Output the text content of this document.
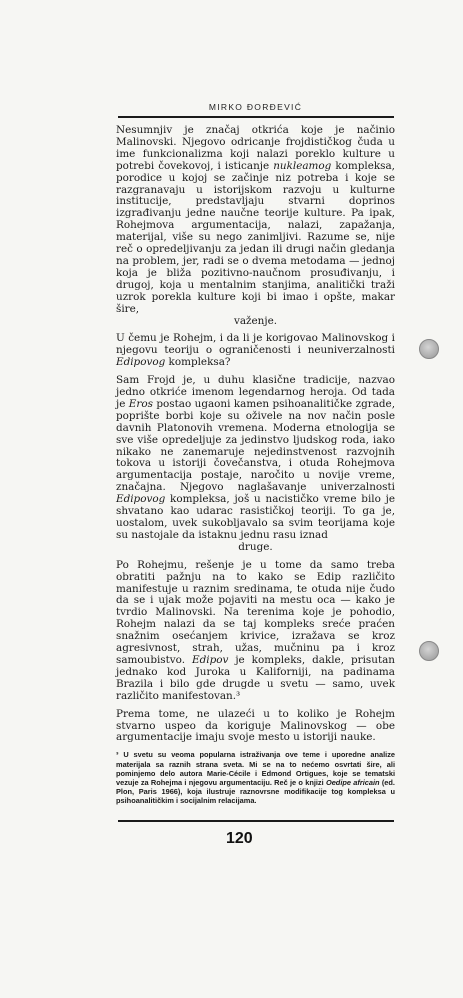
MIRKO ĐORĐEVIĆ

Nesumnjiv je značaj otkrića koje je načinio Malinovski. Njegovo odricanje frojdističkog čuda u ime funkcionalizma koji nalazi poreklo kulture u potrebi čovekovoj, i isticanje nukleamog kompleksa, porodice u kojoj se začinje niz potreba i koje se razgranavaju u istorijskom razvoju u kulturne institucije, predstavljaju stvarni doprinos izgrađivanju jedne naučne teorije kulture. Pa ipak, Rohejmova argumentacija, nalazi, zapažanja, materijal, više su nego zanimljivi. Razume se, nije reč o opredeljivanju za jedan ili drugi način gledanja na problem, jer, radi se o dvema metodama — jednoj koja je bliža pozitivno-naučnom prosuđivanju, i drugoj, koja u mentalnim stanjima, analitički traži uzrok porekla kulture koji bi imao i opšte, makar šire,
važenje.

U čemu je Rohejm, i da li je korigovao Malinovskog i njegovu teoriju o ograničenosti i neuniverzalnosti Edipovog kompleksa?

Sam Frojd je, u duhu klasične tradicije, nazvao jedno otkriće imenom legendarnog heroja. Od tada je Eros postao ugaoni kamen psihoanalitičke zgrade, poprište borbi koje su oživele na nov način posle davnih Platonovih vremena. Moderna etnologija se sve više opredeljuje za jedinstvo ljudskog roda, iako nikako ne zanemaruje nejedinstvenost razvojnih tokova u istoriji čovečanstva, i otuda Rohejmova argumentacija postaje, naročito u novije vreme, značajna. Njegovo naglašavanje univerzalnosti Edipovog kompleksa, još u nacističko vreme bilo je shvatano kao udarac rasističkoj teoriji. To ga je, uostalom, uvek sukobljavalo sa svim teorijama koje su nastojale da istaknu jednu rasu iznad
druge.

Po Rohejmu, rešenje je u tome da samo treba obratiti pažnju na to kako se Edip različito manifestuje u raznim sredinama, te otuda nije čudo da se i ujak može pojaviti na mestu oca — kako je tvrdio Malinovski. Na terenima koje je pohodio, Rohejm nalazi da se taj kompleks sreće praćen snažnim osećanjem krivice, izražava se kroz agresivnost, strah, užas, mučninu pa i kroz samoubistvo. Edipov je kompleks, dakle, prisutan jednako kod Juroka u Kaliforniji, na padinama Brazila i bilo gde drugde u svetu — samo, uvek različito manifestovan.³

Prema tome, ne ulazeći u to koliko je Rohejm stvarno uspeo da koriguje Malinovskog — obe argumentacije imaju svoje mesto u istoriji nauke.

³ U svetu su veoma popularna istraživanja ove teme i uporedne analize materijala sa raznih strana sveta. Mi se na to nećemo osvrtati šire, ali pominjemo delo autora Marie-Cécile i Edmond Ortigues, koje se tematski vezuje za Rohejma i njegovu argumentaciju. Reč je o knjizi Oedipe africain (ed. Plon, Paris 1966), koja ilustruje raznovrsne modifikacije tog kompleksa u psihoanalitičkim i socijalnim relacijama.

120
